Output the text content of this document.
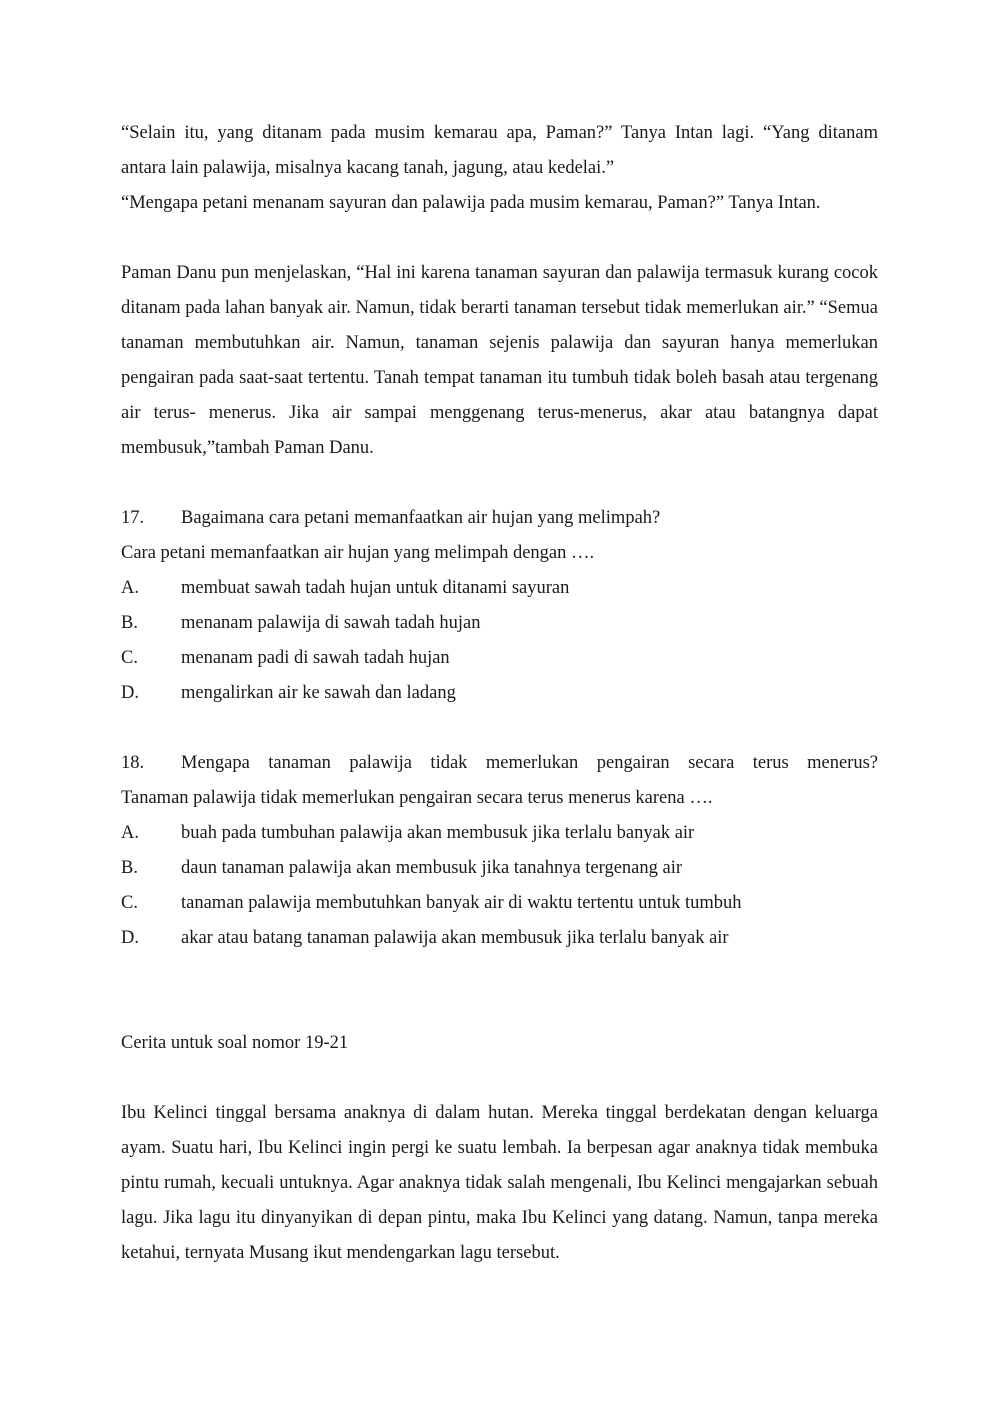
“Selain itu, yang ditanam pada musim kemarau apa, Paman?” Tanya Intan lagi. “Yang ditanam

antara lain palawija, misalnya kacang tanah, jagung, atau kedelai.”

“Mengapa petani menanam sayuran dan palawija pada musim kemarau, Paman?” Tanya Intan.

Paman Danu pun menjelaskan, “Hal ini karena tanaman sayuran dan palawija termasuk kurang cocok ditanam pada lahan banyak air. Namun, tidak berarti tanaman tersebut tidak memerlukan air.” “Semua tanaman membutuhkan air. Namun, tanaman sejenis palawija dan sayuran hanya memerlukan pengairan pada saat-saat tertentu. Tanah tempat tanaman itu tumbuh tidak boleh basah atau tergenang air terus- menerus. Jika air sampai menggenang terus-menerus, akar atau batangnya dapat membusuk,”tambah Paman Danu.

17.	Bagaimana cara petani memanfaatkan air hujan yang melimpah?

Cara petani memanfaatkan air hujan yang melimpah dengan ….

A.	membuat sawah tadah hujan untuk ditanami sayuran
B.	menanam palawija di sawah tadah hujan
C.	menanam padi di sawah tadah hujan
D.	mengalirkan air ke sawah dan ladang
18.	Mengapa tanaman palawija tidak memerlukan pengairan secara terus menerus?

Tanaman palawija tidak memerlukan pengairan secara terus menerus karena ….

A.	buah pada tumbuhan palawija akan membusuk jika terlalu banyak air
B.	daun tanaman palawija akan membusuk jika tanahnya tergenang air
C.	tanaman palawija membutuhkan banyak air di waktu tertentu untuk tumbuh
D.	akar atau batang tanaman palawija akan membusuk jika terlalu banyak air

Cerita untuk soal nomor 19-21

Ibu Kelinci tinggal bersama anaknya di dalam hutan. Mereka tinggal berdekatan dengan keluarga ayam. Suatu hari, Ibu Kelinci ingin pergi ke suatu lembah. Ia berpesan agar anaknya tidak membuka pintu rumah, kecuali untuknya. Agar anaknya tidak salah mengenali, Ibu Kelinci mengajarkan sebuah lagu. Jika lagu itu dinyanyikan di depan pintu, maka Ibu Kelinci yang datang. Namun, tanpa mereka ketahui, ternyata Musang ikut mendengarkan lagu tersebut.
